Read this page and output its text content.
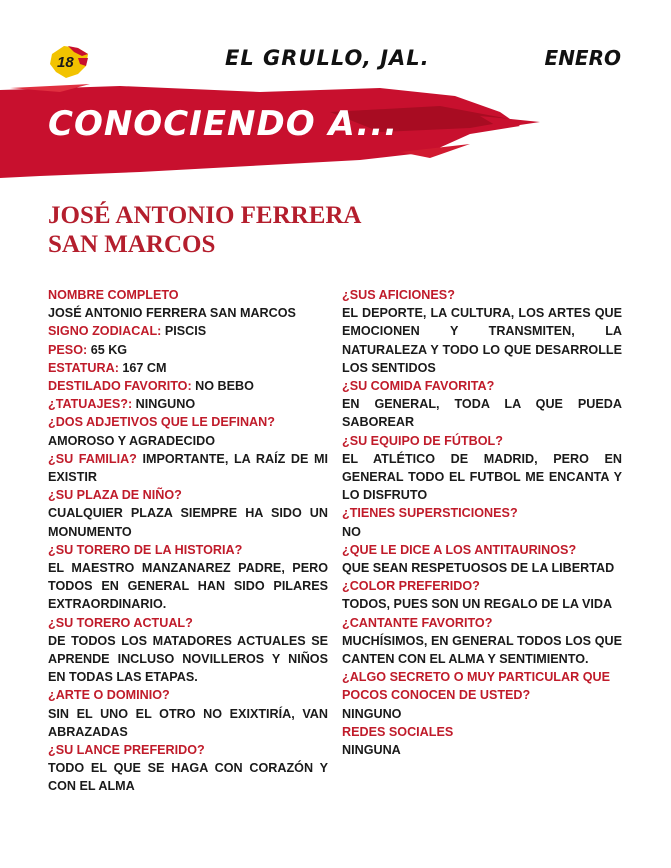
18	EL GRULLO, JAL.	ENERO
CONOCIENDO A...
JOSÉ ANTONIO FERRERA
SAN MARCOS
NOMBRE COMPLETO
JOSÉ ANTONIO FERRERA SAN MARCOS
SIGNO ZODIACAL: PISCIS
PESO: 65 KG
ESTATURA: 167 CM
DESTILADO FAVORITO: NO BEBO
¿TATUAJES?: NINGUNO
¿DOS ADJETIVOS QUE LE DEFINAN?
AMOROSO Y AGRADECIDO
¿SU FAMILIA? IMPORTANTE, LA RAÍZ DE MI EXISTIR
¿SU PLAZA DE NIÑO?
CUALQUIER PLAZA SIEMPRE HA SIDO UN MONUMENTO
¿SU TORERO DE LA HISTORIA?
EL MAESTRO MANZANAREZ PADRE, PERO TODOS EN GENERAL HAN SIDO PILARES EXTRAORDINARIO.
¿SU TORERO ACTUAL?
DE TODOS LOS MATADORES ACTUALES SE APRENDE INCLUSO NOVILLEROS Y NIÑOS EN TODAS LAS ETAPAS.
¿ARTE O DOMINIO?
SIN EL UNO EL OTRO NO EXIXTIRÍA, VAN ABRAZADAS
¿SU LANCE PREFERIDO?
TODO EL QUE SE HAGA CON CORAZÓN Y CON EL ALMA
¿SUS AFICIONES?
EL DEPORTE, LA CULTURA, LOS ARTES QUE EMOCIONEN Y TRANSMITEN, LA NATURALEZA Y TODO LO QUE DESARROLLE LOS SENTIDOS
¿SU COMIDA FAVORITA?
EN GENERAL, TODA LA QUE PUEDA SABOREAR
¿SU EQUIPO DE FÚTBOL?
EL ATLÉTICO DE MADRID, PERO EN GENERAL TODO EL FUTBOL ME ENCANTA Y LO DISFRUTO
¿TIENES SUPERSTICIONES?
NO
¿QUE LE DICE A LOS ANTITAURINOS?
QUE SEAN RESPETUOSOS DE LA LIBERTAD
¿COLOR PREFERIDO?
TODOS, PUES SON UN REGALO DE LA VIDA
¿CANTANTE FAVORITO?
MUCHÍSIMOS, EN GENERAL TODOS LOS QUE CANTEN CON EL ALMA Y SENTIMIENTO.
¿ALGO SECRETO O MUY PARTICULAR QUE POCOS CONOCEN DE USTED?
NINGUNO
REDES SOCIALES
NINGUNA
